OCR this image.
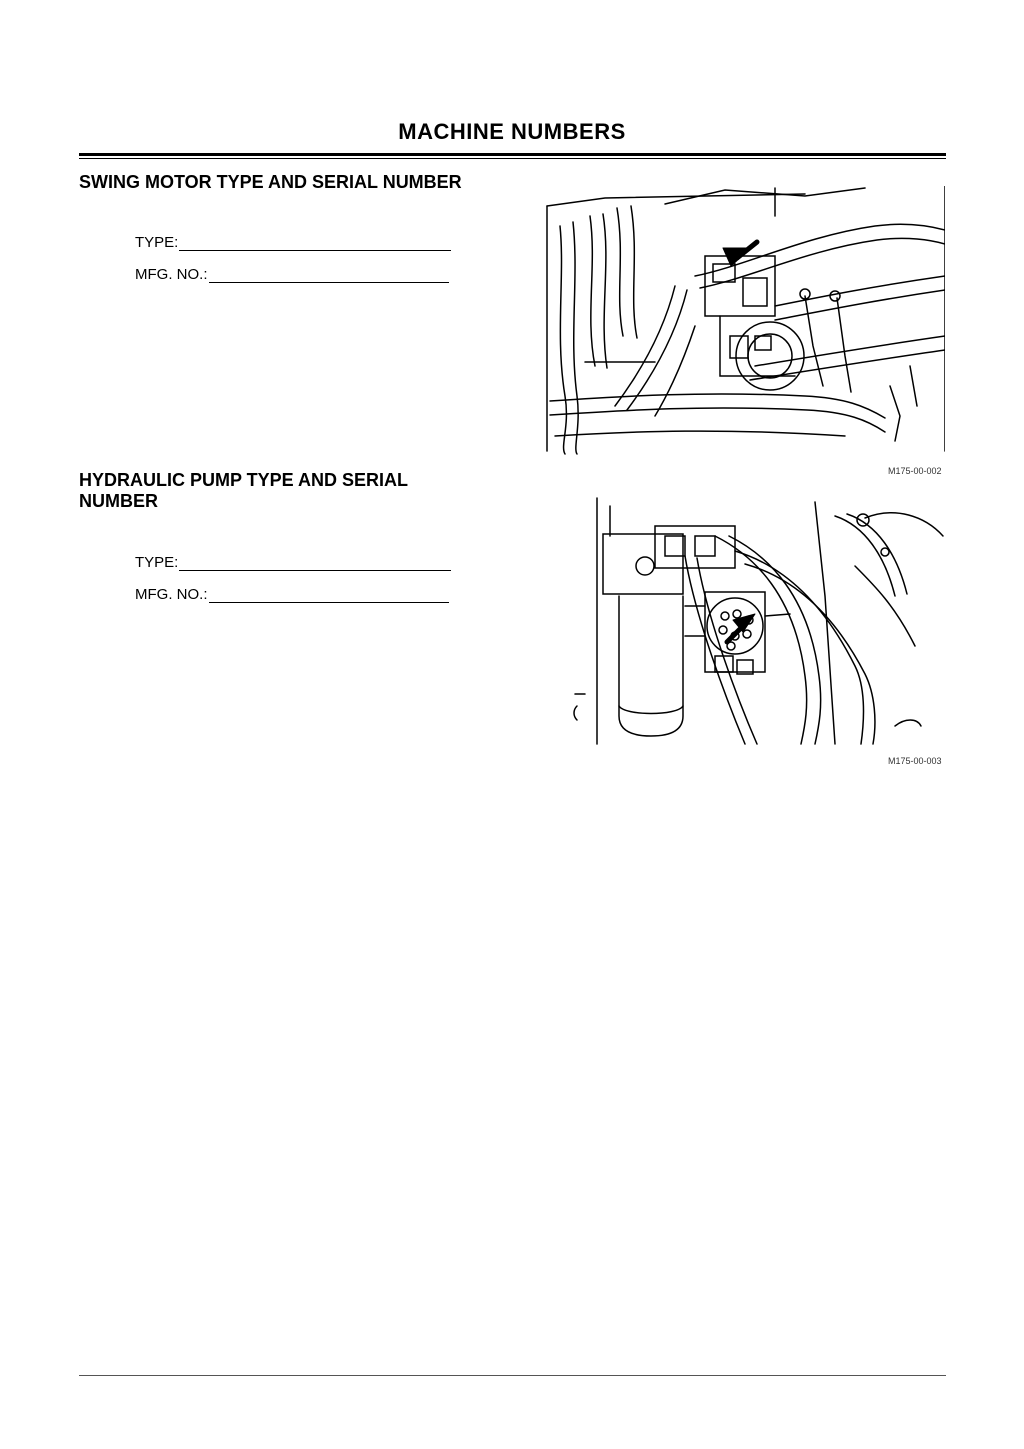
MACHINE NUMBERS
SWING MOTOR TYPE AND SERIAL NUMBER
TYPE:
MFG. NO.:
M175-00-002
HYDRAULIC PUMP TYPE AND SERIAL
NUMBER
TYPE:
MFG. NO.:
M175-00-003
